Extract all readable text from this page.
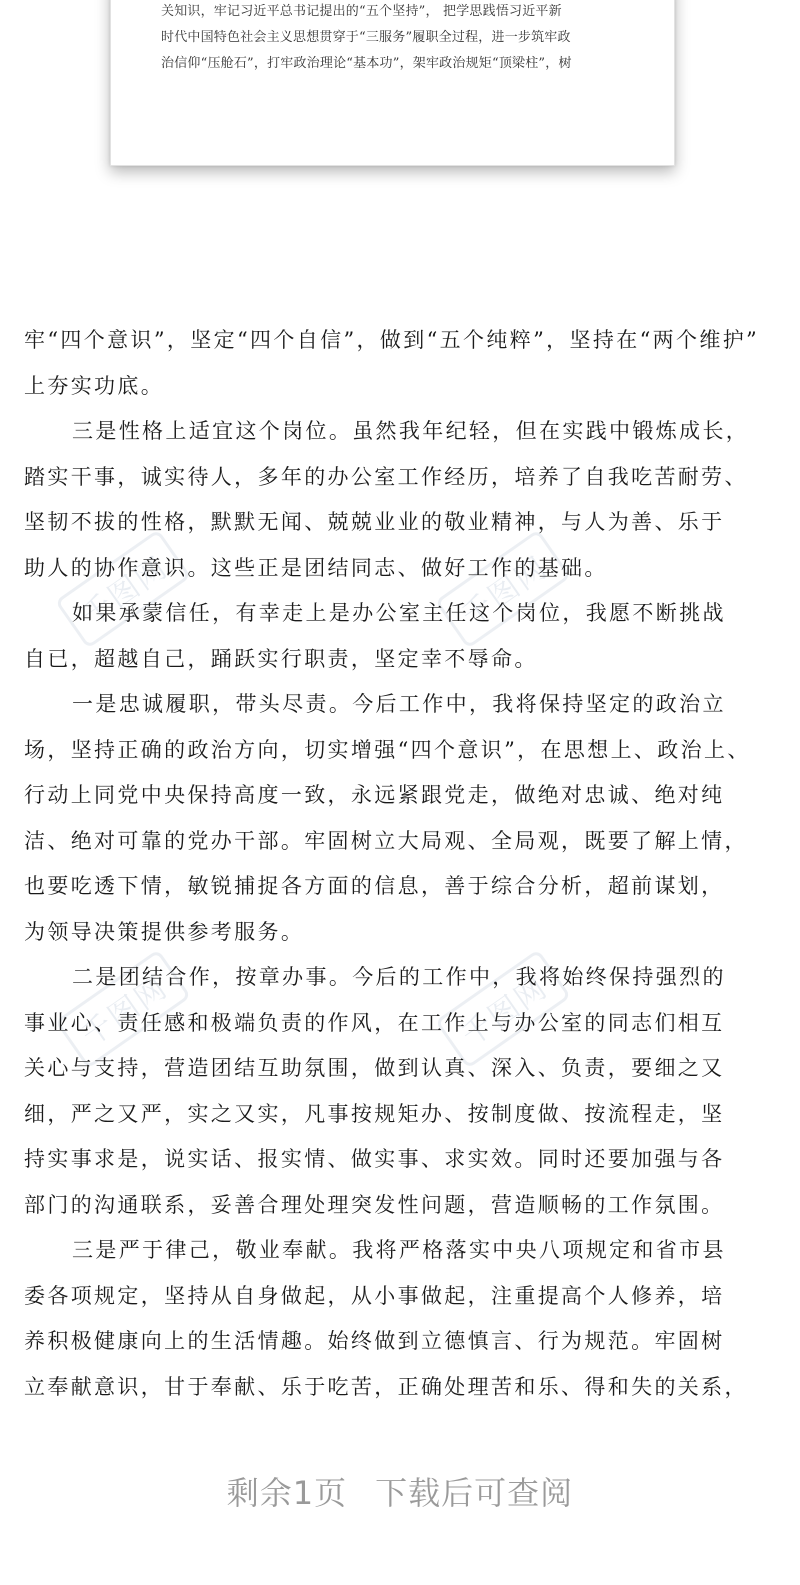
关知识，牢记习近平总书记提出的“五个坚持”， 把学思践悟习近平新
时代中国特色社会主义思想贯穿于“三服务”履职全过程，进一步筑牢政
治信仰“压舱石”，打牢政治理论“基本功”，架牢政治规矩“顶梁柱”，树
千图网	千图网
千图网	千图网
牢“四个意识”，坚定“四个自信”，做到“五个纯粹”，坚持在“两个维护”
上夯实功底。
三是性格上适宜这个岗位。虽然我年纪轻，但在实践中锻炼成长，
踏实干事，诚实待人，多年的办公室工作经历，培养了自我吃苦耐劳、
坚韧不拔的性格，默默无闻、兢兢业业的敬业精神，与人为善、乐于
助人的协作意识。这些正是团结同志、做好工作的基础。
如果承蒙信任，有幸走上是办公室主任这个岗位，我愿不断挑战
自已，超越自己，踊跃实行职责，坚定幸不辱命。
一是忠诚履职，带头尽责。今后工作中，我将保持坚定的政治立
场，坚持正确的政治方向，切实增强“四个意识”，在思想上、政治上、
行动上同党中央保持高度一致，永远紧跟党走，做绝对忠诚、绝对纯
洁、绝对可靠的党办干部。牢固树立大局观、全局观，既要了解上情，
也要吃透下情，敏锐捕捉各方面的信息，善于综合分析，超前谋划，
为领导决策提供参考服务。
二是团结合作，按章办事。今后的工作中，我将始终保持强烈的
事业心、责任感和极端负责的作风，在工作上与办公室的同志们相互
关心与支持，营造团结互助氛围，做到认真、深入、负责，要细之又
细，严之又严，实之又实，凡事按规矩办、按制度做、按流程走，坚
持实事求是，说实话、报实情、做实事、求实效。同时还要加强与各
部门的沟通联系，妥善合理处理突发性问题，营造顺畅的工作氛围。
三是严于律己，敬业奉献。我将严格落实中央八项规定和省市县
委各项规定，坚持从自身做起，从小事做起，注重提高个人修养，培
养积极健康向上的生活情趣。始终做到立德慎言、行为规范。牢固树
立奉献意识，甘于奉献、乐于吃苦，正确处理苦和乐、得和失的关系，
剩余1页 下载后可查阅
